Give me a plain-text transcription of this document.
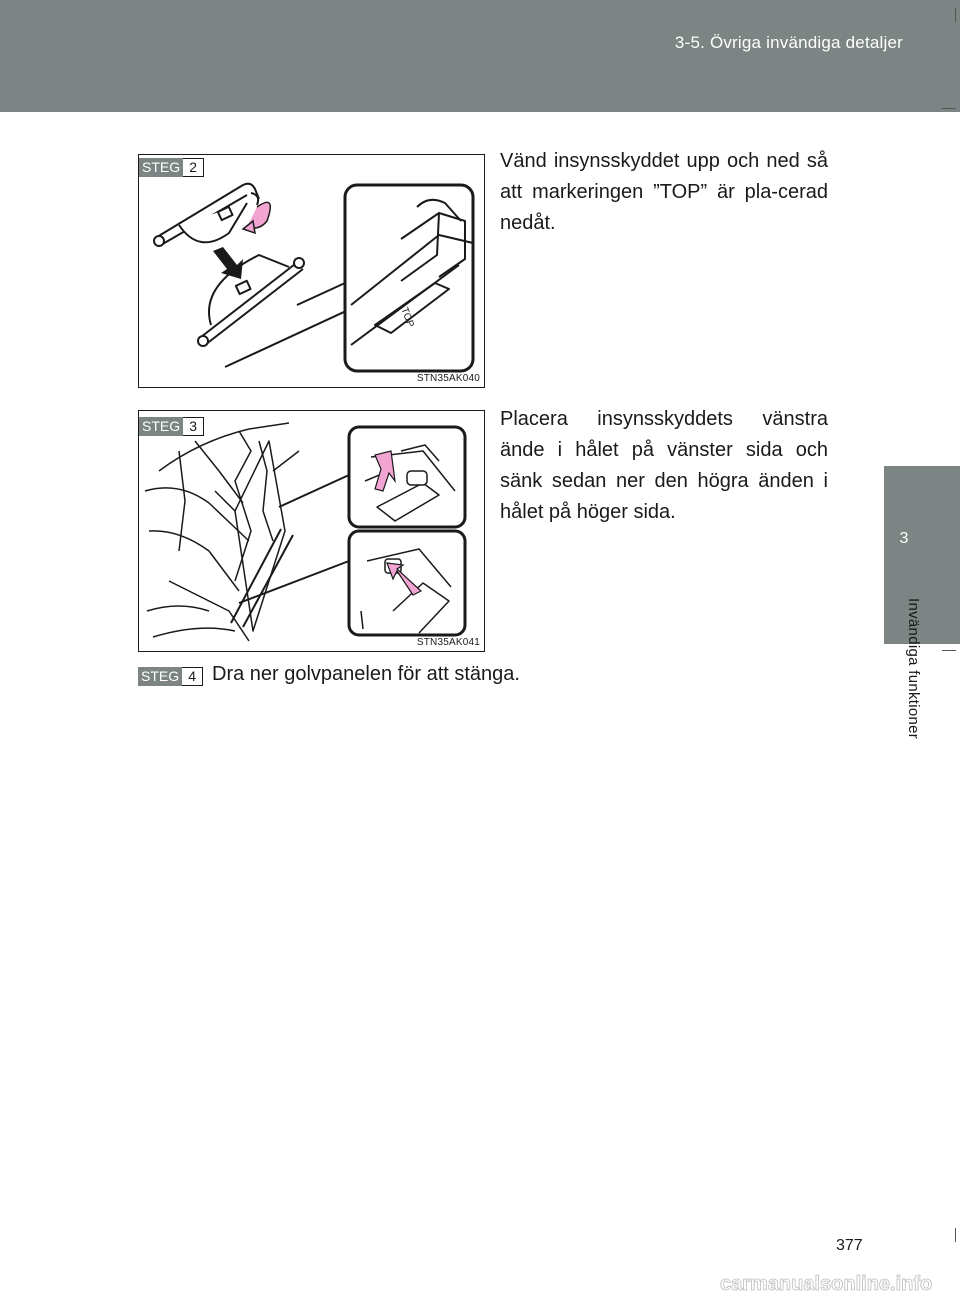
3-5. Övriga invändiga detaljer
3
Invändiga funktioner
TOP
STEG 2
STN35AK040
Vänd insynsskyddet upp och ned så att markeringen ”TOP” är pla-cerad nedåt.
STEG 3
STN35AK041
Placera insynsskyddets vänstra ände i hålet på vänster sida och sänk sedan ner den högra änden i hålet på höger sida.
STEG 4 Dra ner golvpanelen för att stänga.
377
carmanualsonline.info
